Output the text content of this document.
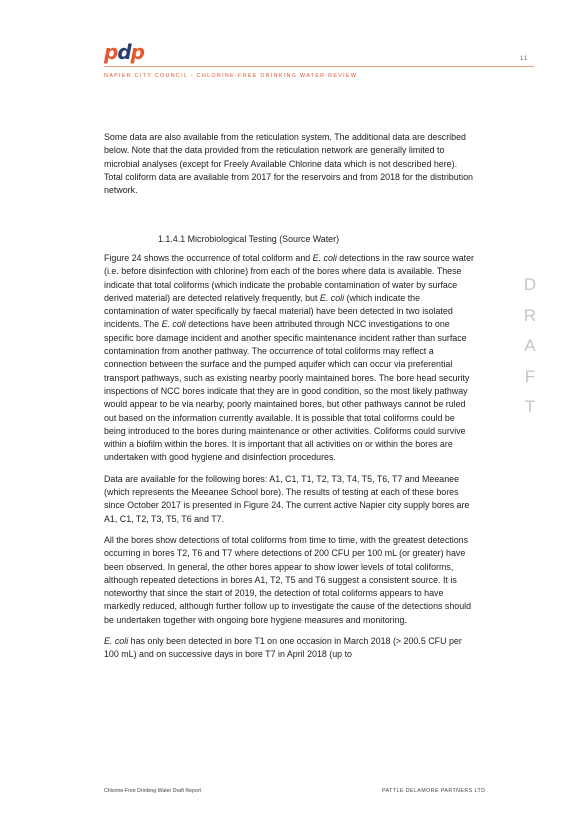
pdp	11
NAPIER CITY COUNCIL - CHLORINE-FREE DRINKING WATER REVIEW

Some data are also available from the reticulation system. The additional data are described below. Note that the data provided from the reticulation network are generally limited to microbial analyses (except for Freely Available Chlorine data which is not described here). Total coliform data are available from 2017 for the reservoirs and from 2018 for the distribution network.

1.1.4.1 Microbiological Testing (Source Water)

Figure 24 shows the occurrence of total coliform and E. coli detections in the raw source water (i.e. before disinfection with chlorine) from each of the bores where data is available. These indicate that total coliforms (which indicate the probable contamination of water by surface derived material) are detected relatively frequently, but E. coli (which indicate the contamination of water specifically by faecal material) have been detected in two isolated incidents. The E. coli detections have been attributed through NCC investigations to one specific bore damage incident and another specific maintenance incident rather than surface contamination from another pathway. The occurrence of total coliforms may reflect a connection between the surface and the pumped aquifer which can occur via preferential transport pathways, such as existing nearby poorly maintained bores. The bore head security inspections of NCC bores indicate that they are in good condition, so the most likely pathway would appear to be via nearby, poorly maintained bores, but other pathways cannot be ruled out based on the information currently available. It is possible that total coliforms could be being introduced to the bores during maintenance or other activities. Coliforms could survive within a biofilm within the bores. It is important that all activities on or within the bores are undertaken with good hygiene and disinfection procedures.

Data are available for the following bores: A1, C1, T1, T2, T3, T4, T5, T6, T7 and Meeanee (which represents the Meeanee School bore). The results of testing at each of these bores since October 2017 is presented in Figure 24. The current active Napier city supply bores are A1, C1, T2, T3, T5, T6 and T7.

All the bores show detections of total coliforms from time to time, with the greatest detections occurring in bores T2, T6 and T7 where detections of 200 CFU per 100 mL (or greater) have been observed. In general, the other bores appear to show lower levels of total coliforms, although repeated detections in bores A1, T2, T5 and T6 suggest a consistent source. It is noteworthy that since the start of 2019, the detection of total coliforms appears to have markedly reduced, although further follow up to investigate the cause of the detections should be undertaken together with ongoing bore hygiene measures and monitoring.

E. coli has only been detected in bore T1 on one occasion in March 2018 (> 200.5 CFU per 100 mL) and on successive days in bore T7 in April 2018 (up to

D
R
A
F
T
Chlorine-Free Drinking Water Draft Report	PATTLE DELAMORE PARTNERS LTD
